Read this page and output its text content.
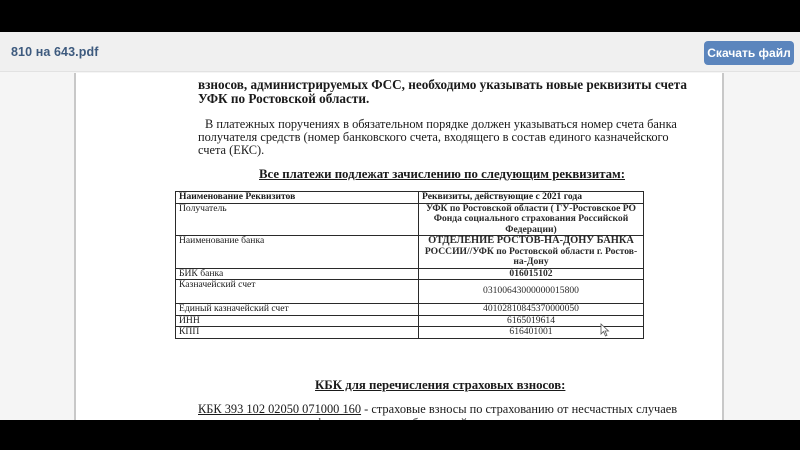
810 на 643.pdf	Скачать файл
взносов, администрируемых ФСС, необходимо указывать новые реквизиты счета
УФК по Ростовской области.
В платежных поручениях в обязательном порядке должен указываться номер счета банка
получателя средств (номер банковского счета, входящего в состав единого казначейского
счета (ЕКС).
Все платежи подлежат зачислению по следующим реквизитам:
Наименование Реквизитов	Реквизиты, действующие с 2021 года
Получатель	УФК по Ростовской области ( ГУ-Ростовское РО
Фонда социального страхования Российской
Федерации)

Наименование банка	ОТДЕЛЕНИЕ РОСТОВ-НА-ДОНУ БАНКА
РОССИИ//УФК по Ростовской области г. Ростов-
на-Дону

БИК банка	016015102
Казначейский счет	03100643000000015800
Единый казначейский счет	40102810845370000050
ИНН	6165019614
КПП	616401001
КБК для перечисления страховых взносов:
КБК 393 102 02050 071000 160 - страховые взносы по страхованию от несчастных случаев
